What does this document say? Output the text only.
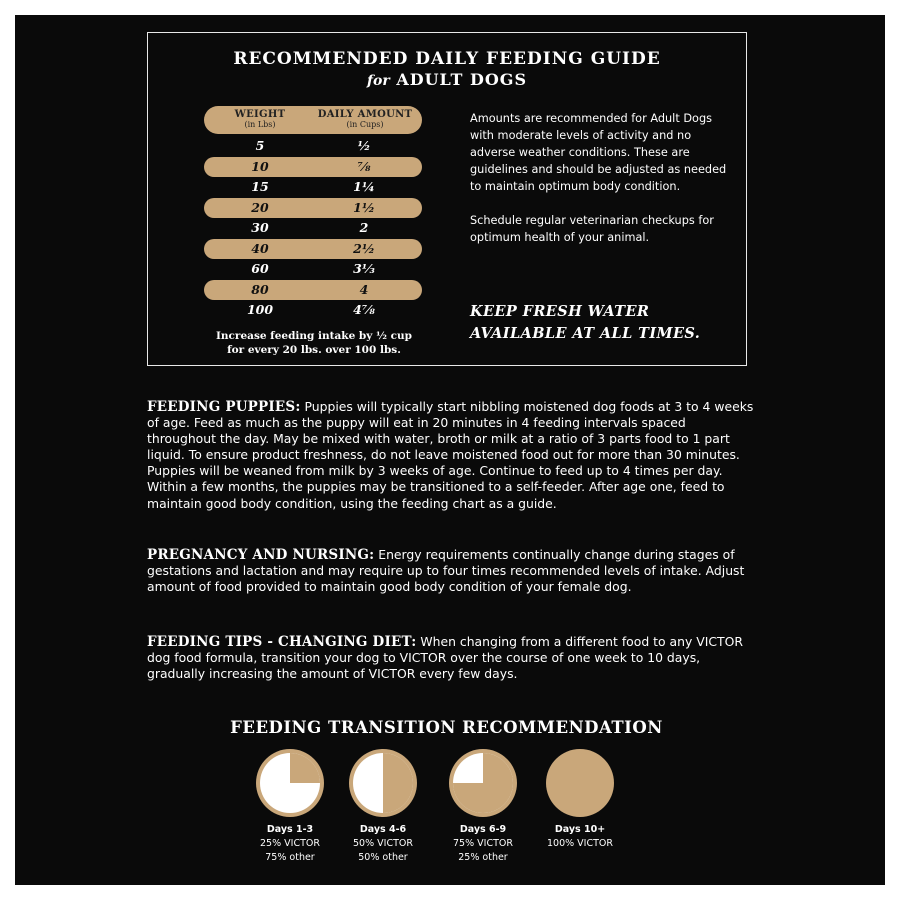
RECOMMENDED DAILY FEEDING GUIDE
for ADULT DOGS
WEIGHT
(in Lbs)
DAILY AMOUNT
(in Cups)
5	½
10	⅞
15	1¼
20	1½
30	2
40	2½
60	3⅓
80	4
100	4⅞
Increase feeding intake by ½ cup
for every 20 lbs. over 100 lbs.

Amounts are recommended for Adult Dogs with moderate levels of activity and no adverse weather conditions. These are guidelines and should be adjusted as needed to maintain optimum body condition.

Schedule regular veterinarian checkups for optimum health of your animal.

KEEP FRESH WATER
AVAILABLE AT ALL TIMES.
FEEDING PUPPIES: Puppies will typically start nibbling moistened dog foods at 3 to 4 weeks of age. Feed as much as the puppy will eat in 20 minutes in 4 feeding intervals spaced throughout the day. May be mixed with water, broth or milk at a ratio of 3 parts food to 1 part liquid. To ensure product freshness, do not leave moistened food out for more than 30 minutes. Puppies will be weaned from milk by 3 weeks of age. Continue to feed up to 4 times per day. Within a few months, the puppies may be transitioned to a self-feeder. After age one, feed to maintain good body condition, using the feeding chart as a guide.
PREGNANCY AND NURSING: Energy requirements continually change during stages of gestations and lactation and may require up to four times recommended levels of intake. Adjust amount of food provided to maintain good body condition of your female dog.
FEEDING TIPS - CHANGING DIET: When changing from a different food to any VICTOR dog food formula, transition your dog to VICTOR over the course of one week to 10 days, gradually increasing the amount of VICTOR every few days.
FEEDING TRANSITION RECOMMENDATION
Days 1-3
25% VICTOR
75% other
Days 4-6
50% VICTOR
50% other
Days 6-9
75% VICTOR
25% other
Days 10+
100% VICTOR
